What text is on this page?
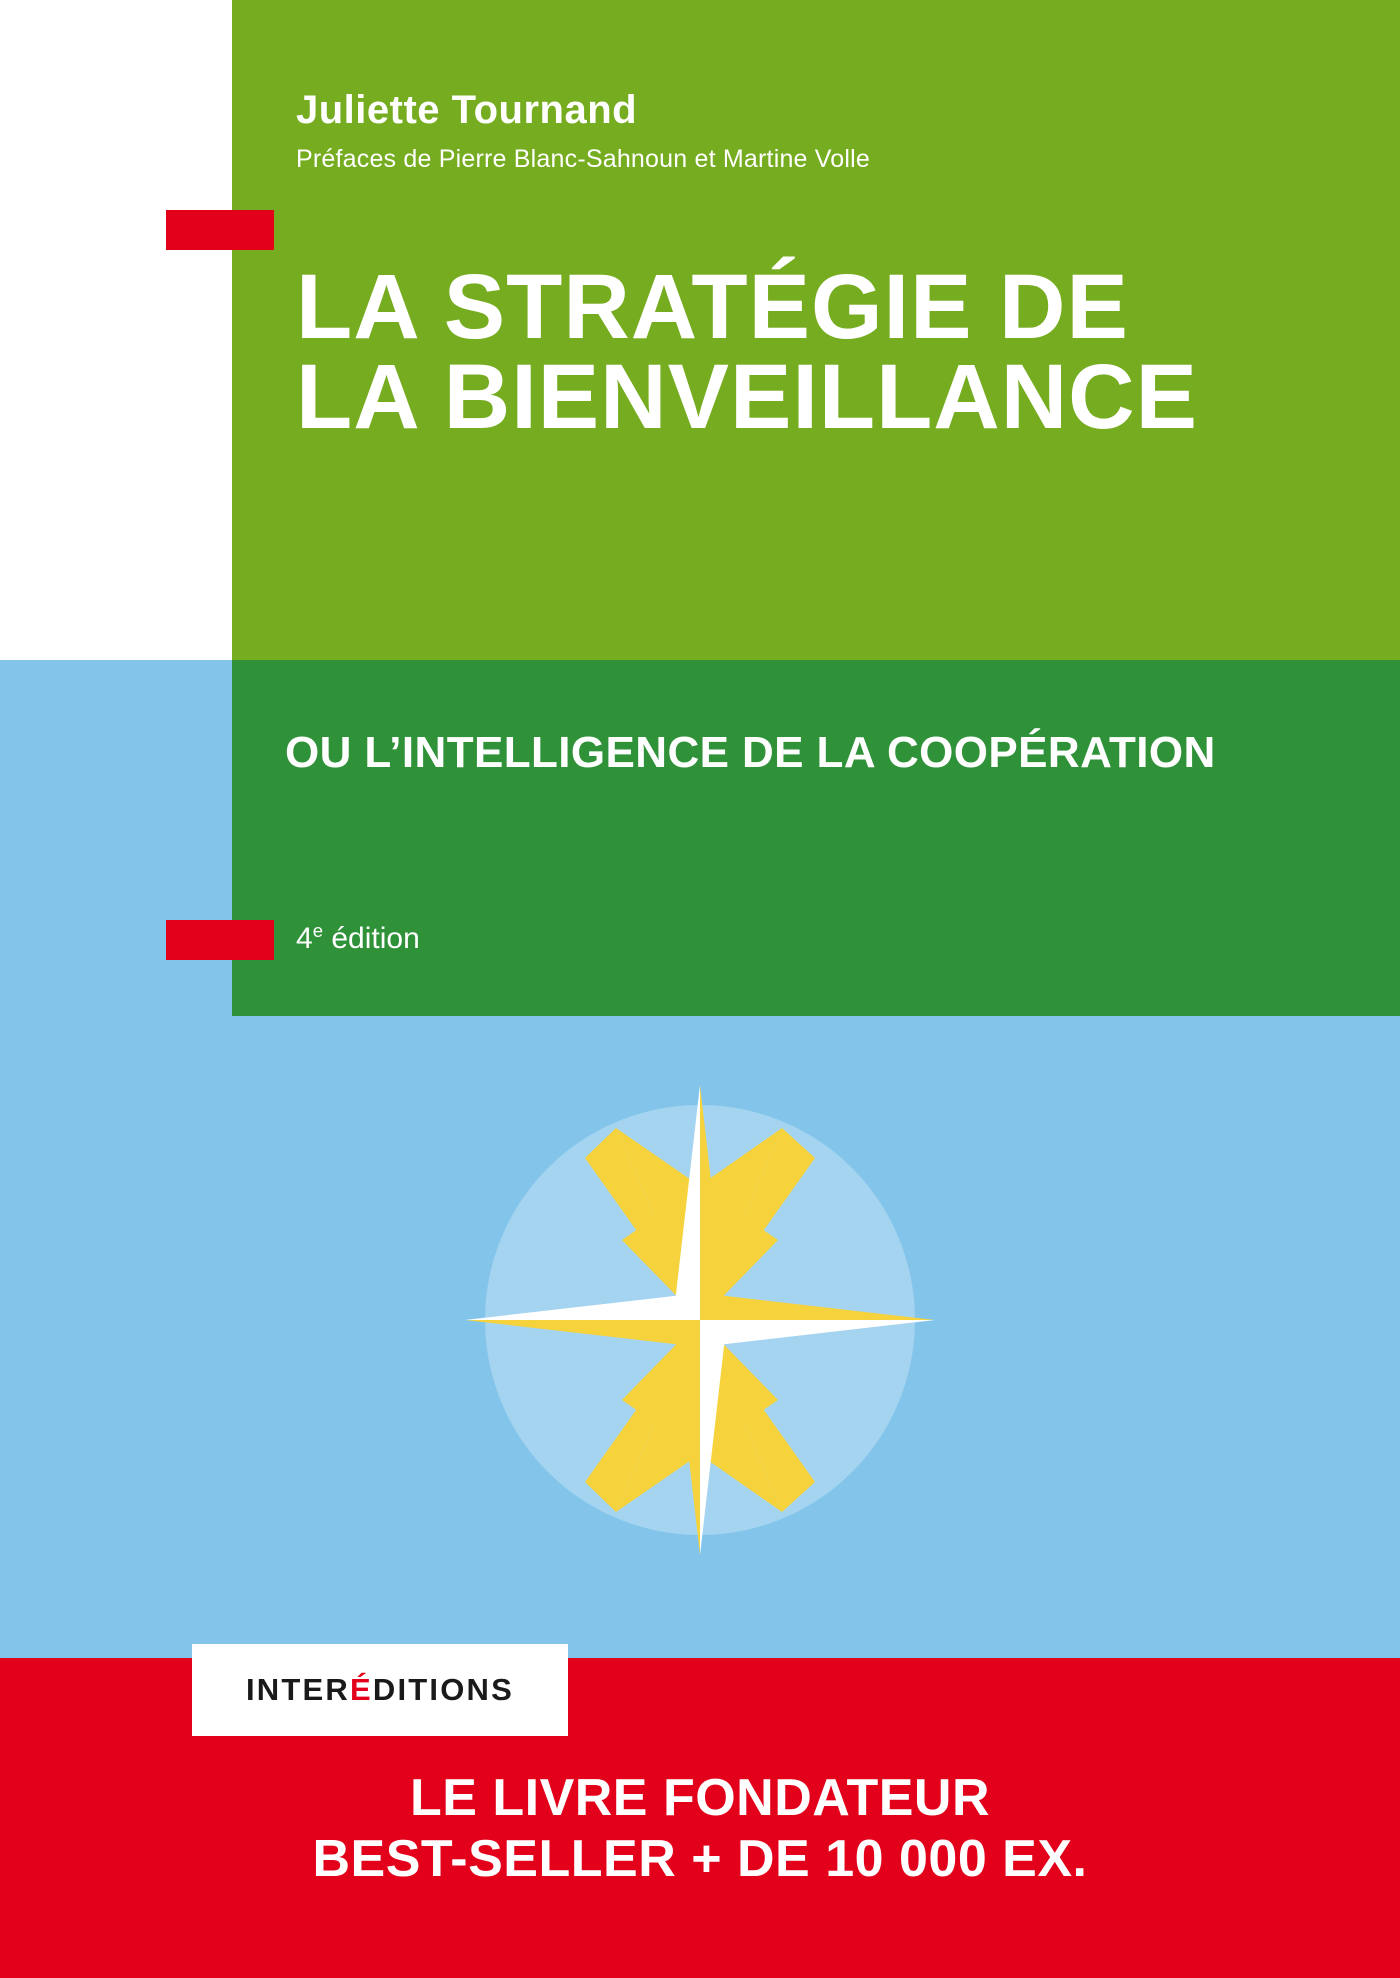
Juliette Tournand
Préfaces de Pierre Blanc-Sahnoun et Martine Volle
LA STRATÉGIE DE
LA BIENVEILLANCE
OU L’INTELLIGENCE DE LA COOPÉRATION
4e édition
INTERÉDITIONS
LE LIVRE FONDATEUR
BEST-SELLER + DE 10 000 EX.
